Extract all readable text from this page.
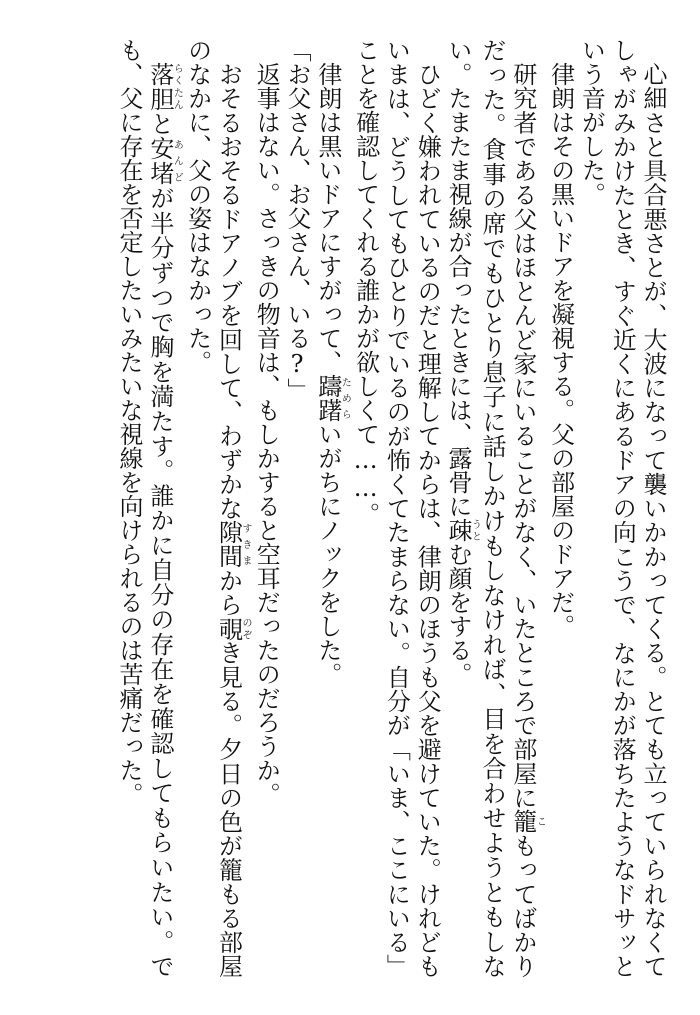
心細さと具合悪さとが、大波になって襲いかかってくる。とても立っていられなくてしゃがみかけたとき、すぐ近くにあるドアの向こうで、なにかが落ちたようなドサッという音がした。

律朗はその黒いドアを凝視する。父の部屋のドアだ。

研究者である父はほとんど家にいることがなく、いたところで部屋に籠こもってばかりだった。食事の席でもひとり息子に話しかけもしなければ、目を合わせようともしない。たまたま視線が合ったときには、露骨に疎うとむ顔をする。

ひどく嫌われているのだと理解してからは、律朗のほうも父を避けていた。けれどもいまは、どうしてもひとりでいるのが怖くてたまらない。自分が「いま、ここにいる」ことを確認してくれる誰かが欲しくて……。

律朗は黒いドアにすがって、躊躇ためらいがちにノックをした。

「お父さん、お父さん、いる?」

返事はない。さっきの物音は、もしかすると空耳だったのだろうか。

おそるおそるドアノブを回して、わずかな隙間すきまから覗のぞき見る。夕日の色が籠もる部屋のなかに、父の姿はなかった。

落胆らくたんと安堵あんどが半分ずつで胸を満たす。誰かに自分の存在を確認してもらいたい。でも、父に存在を否定したいみたいな視線を向けられるのは苦痛だった。
